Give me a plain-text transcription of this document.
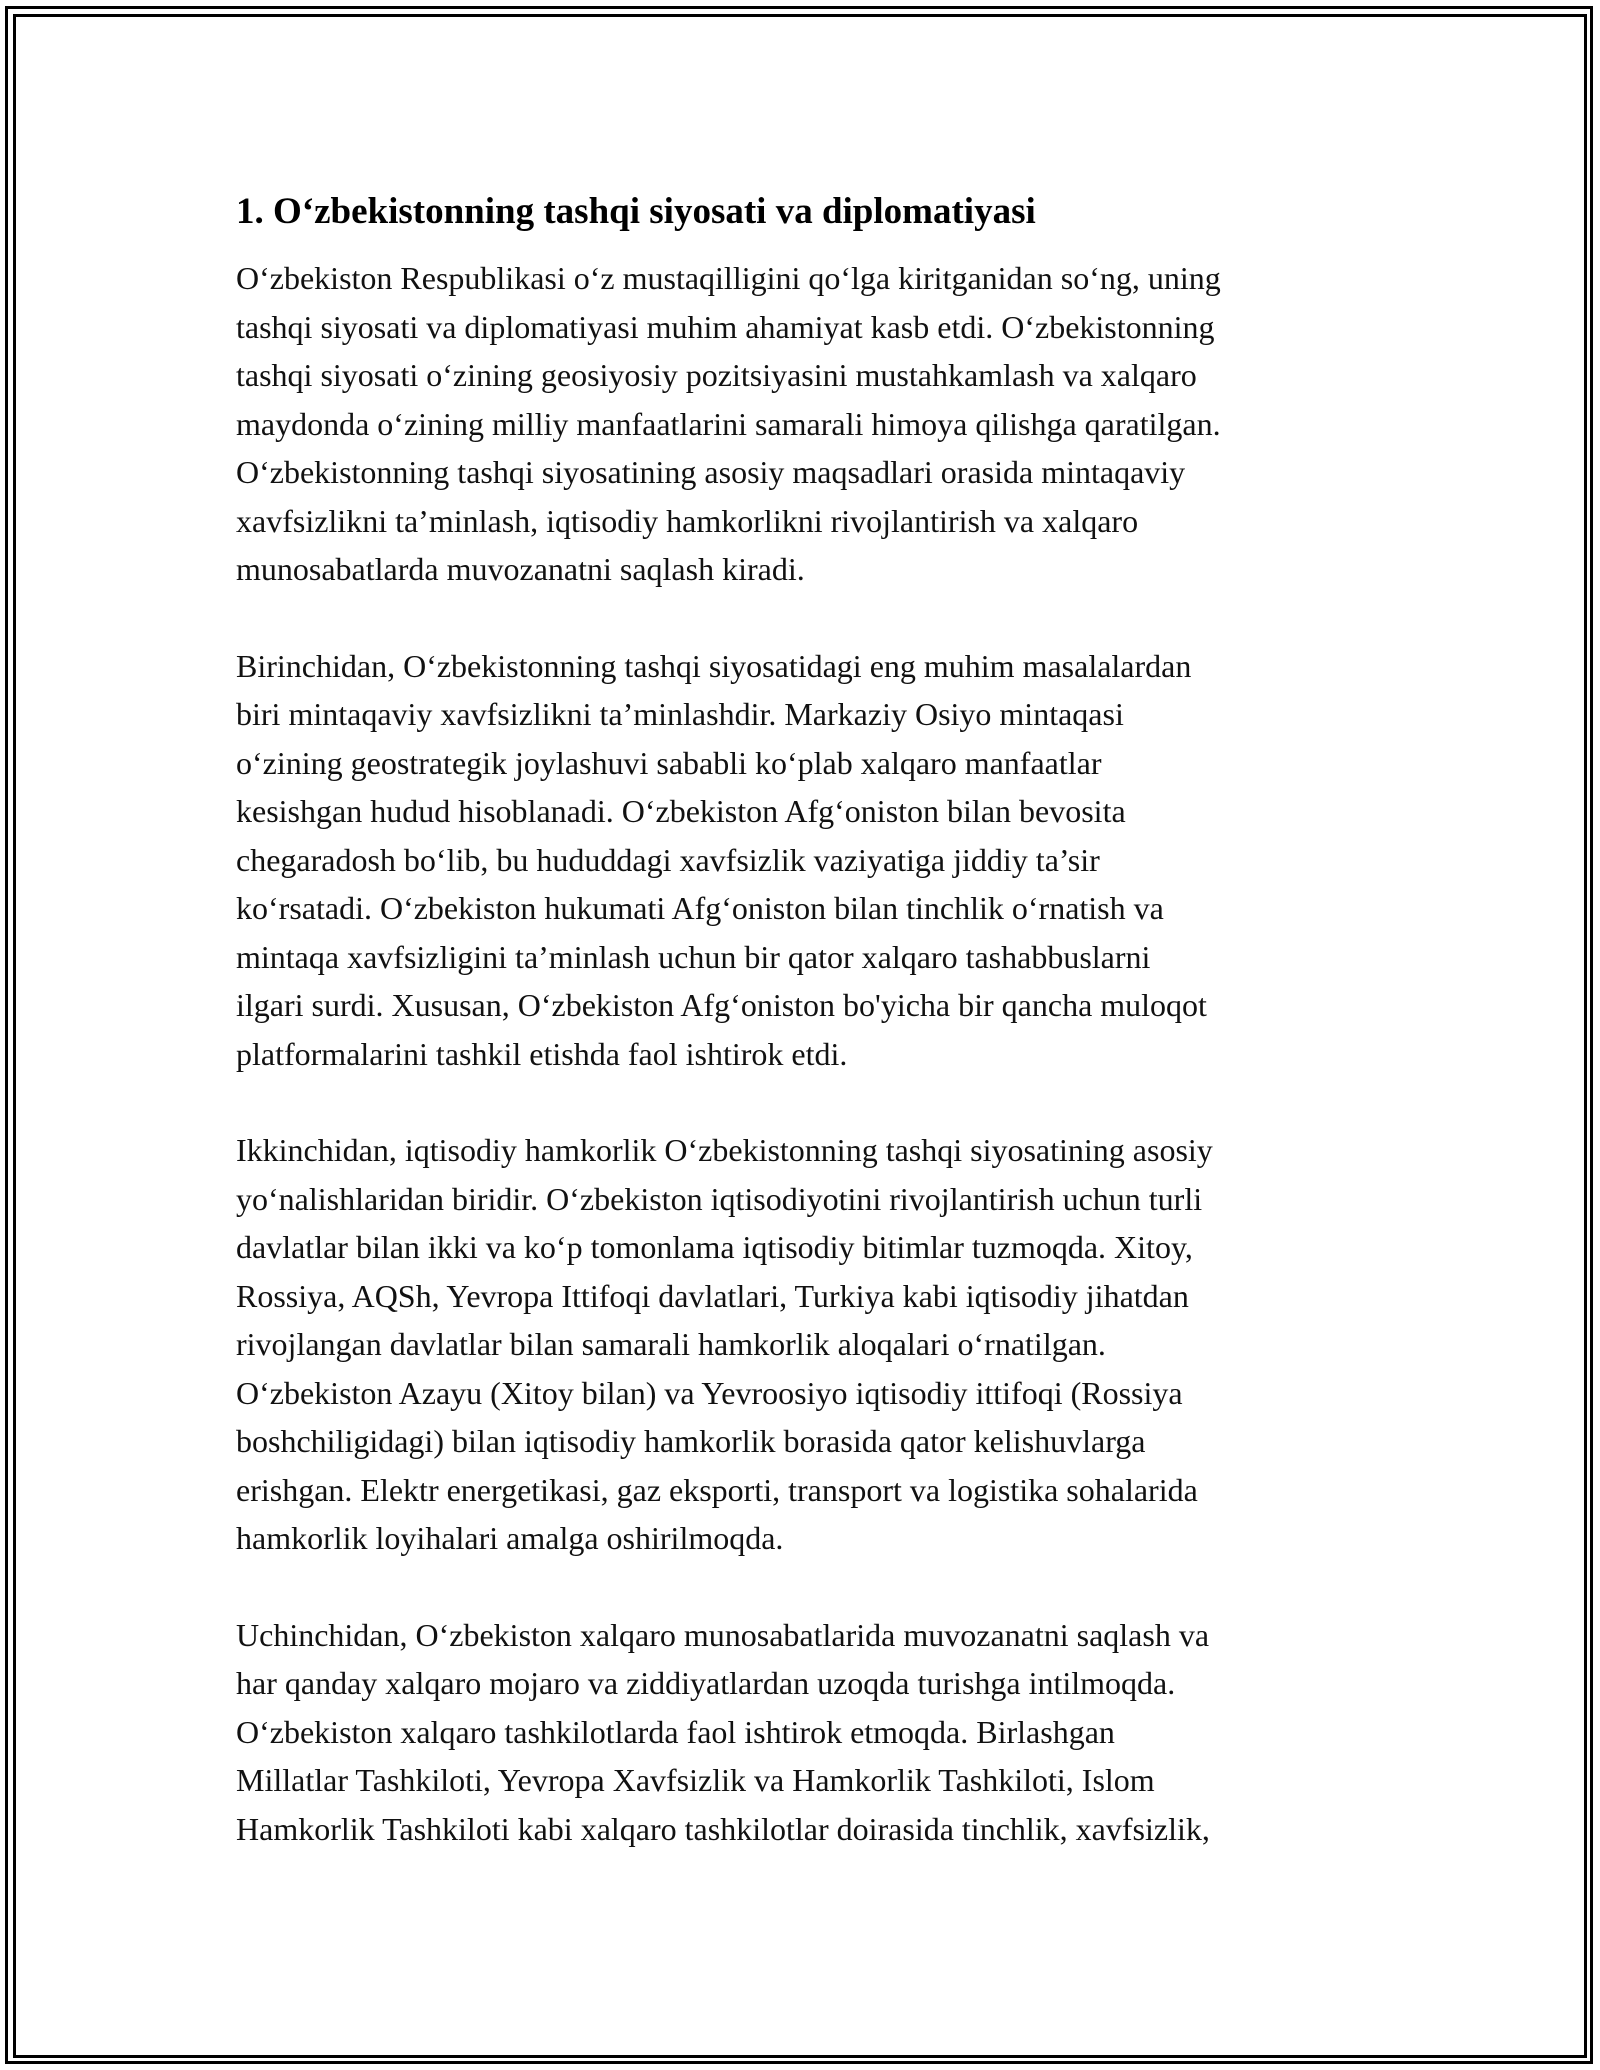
1. O‘zbekistonning tashqi siyosati va diplomatiyasi

O‘zbekiston Respublikasi o‘z mustaqilligini qo‘lga kiritganidan so‘ng, uning
tashqi siyosati va diplomatiyasi muhim ahamiyat kasb etdi. O‘zbekistonning
tashqi siyosati o‘zining geosiyosiy pozitsiyasini mustahkamlash va xalqaro
maydonda o‘zining milliy manfaatlarini samarali himoya qilishga qaratilgan.
O‘zbekistonning tashqi siyosatining asosiy maqsadlari orasida mintaqaviy
xavfsizlikni ta’minlash, iqtisodiy hamkorlikni rivojlantirish va xalqaro
munosabatlarda muvozanatni saqlash kiradi.

Birinchidan, O‘zbekistonning tashqi siyosatidagi eng muhim masalalardan
biri mintaqaviy xavfsizlikni ta’minlashdir. Markaziy Osiyo mintaqasi
o‘zining geostrategik joylashuvi sababli ko‘plab xalqaro manfaatlar
kesishgan hudud hisoblanadi. O‘zbekiston Afg‘oniston bilan bevosita
chegaradosh bo‘lib, bu hududdagi xavfsizlik vaziyatiga jiddiy ta’sir
ko‘rsatadi. O‘zbekiston hukumati Afg‘oniston bilan tinchlik o‘rnatish va
mintaqa xavfsizligini ta’minlash uchun bir qator xalqaro tashabbuslarni
ilgari surdi. Xususan, O‘zbekiston Afg‘oniston bo'yicha bir qancha muloqot
platformalarini tashkil etishda faol ishtirok etdi.

Ikkinchidan, iqtisodiy hamkorlik O‘zbekistonning tashqi siyosatining asosiy
yo‘nalishlaridan biridir. O‘zbekiston iqtisodiyotini rivojlantirish uchun turli
davlatlar bilan ikki va ko‘p tomonlama iqtisodiy bitimlar tuzmoqda. Xitoy,
Rossiya, AQSh, Yevropa Ittifoqi davlatlari, Turkiya kabi iqtisodiy jihatdan
rivojlangan davlatlar bilan samarali hamkorlik aloqalari o‘rnatilgan.
O‘zbekiston Azayu (Xitoy bilan) va Yevroosiyo iqtisodiy ittifoqi (Rossiya
boshchiligidagi) bilan iqtisodiy hamkorlik borasida qator kelishuvlarga
erishgan. Elektr energetikasi, gaz eksporti, transport va logistika sohalarida
hamkorlik loyihalari amalga oshirilmoqda.

Uchinchidan, O‘zbekiston xalqaro munosabatlarida muvozanatni saqlash va
har qanday xalqaro mojaro va ziddiyatlardan uzoqda turishga intilmoqda.
O‘zbekiston xalqaro tashkilotlarda faol ishtirok etmoqda. Birlashgan
Millatlar Tashkiloti, Yevropa Xavfsizlik va Hamkorlik Tashkiloti, Islom
Hamkorlik Tashkiloti kabi xalqaro tashkilotlar doirasida tinchlik, xavfsizlik,
